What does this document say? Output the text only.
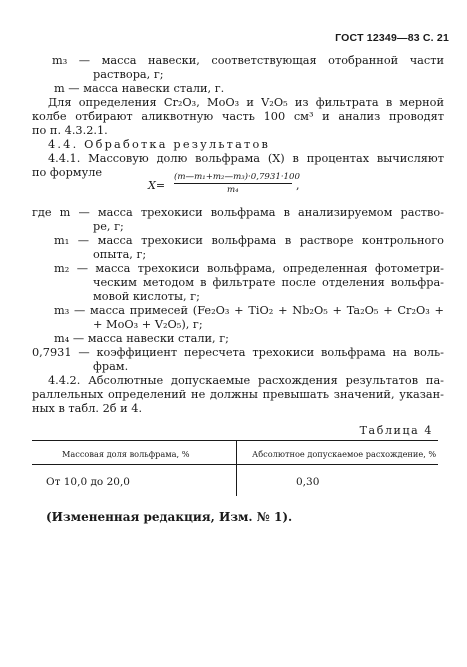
ГОСТ 12349—83 С. 21
m₃ — масса навески, соответствующая отобранной части
раствора, г;
m — масса навески стали, г.
Для определения Cr₂O₃, MoO₃ и V₂O₅ из фильтрата в мерной
колбе отбирают аликвотную часть 100 см³ и анализ проводят
по п. 4.3.2.1.
4.4. Обработка результатов
4.4.1. Массовую долю вольфрама (X) в процентах вычисляют
по формуле
X=
(m—m₁+m₂—m₃)·0,7931·100
m₄	,
где m — масса трехокиси вольфрама в анализируемом раство-
ре, г;
m₁ — масса трехокиси вольфрама в растворе контрольного
опыта, г;
m₂ — масса трехокиси вольфрама, определенная фотометри-
ческим методом в фильтрате после отделения вольфра-
мовой кислоты, г;
m₃ — масса примесей (Fe₂O₃ + TiO₂ + Nb₂O₅ + Ta₂O₅ + Cr₂O₃ +
+ MoO₃ + V₂O₅), г;
m₄ — масса навески стали, г;
0,7931 — коэффициент пересчета трехокиси вольфрама на воль-
фрам.
Таблица 4
Массовая доля вольфрама, %	Абсолютное допускаемое расхождение, %
От 10,0 до 20,0	0,30
(Измененная редакция, Изм. № 1).
4.4.2. Абсолютные допускаемые расхождения результатов па-
раллельных определений не должны превышать значений, указан-
ных в табл. 2б и 4.
